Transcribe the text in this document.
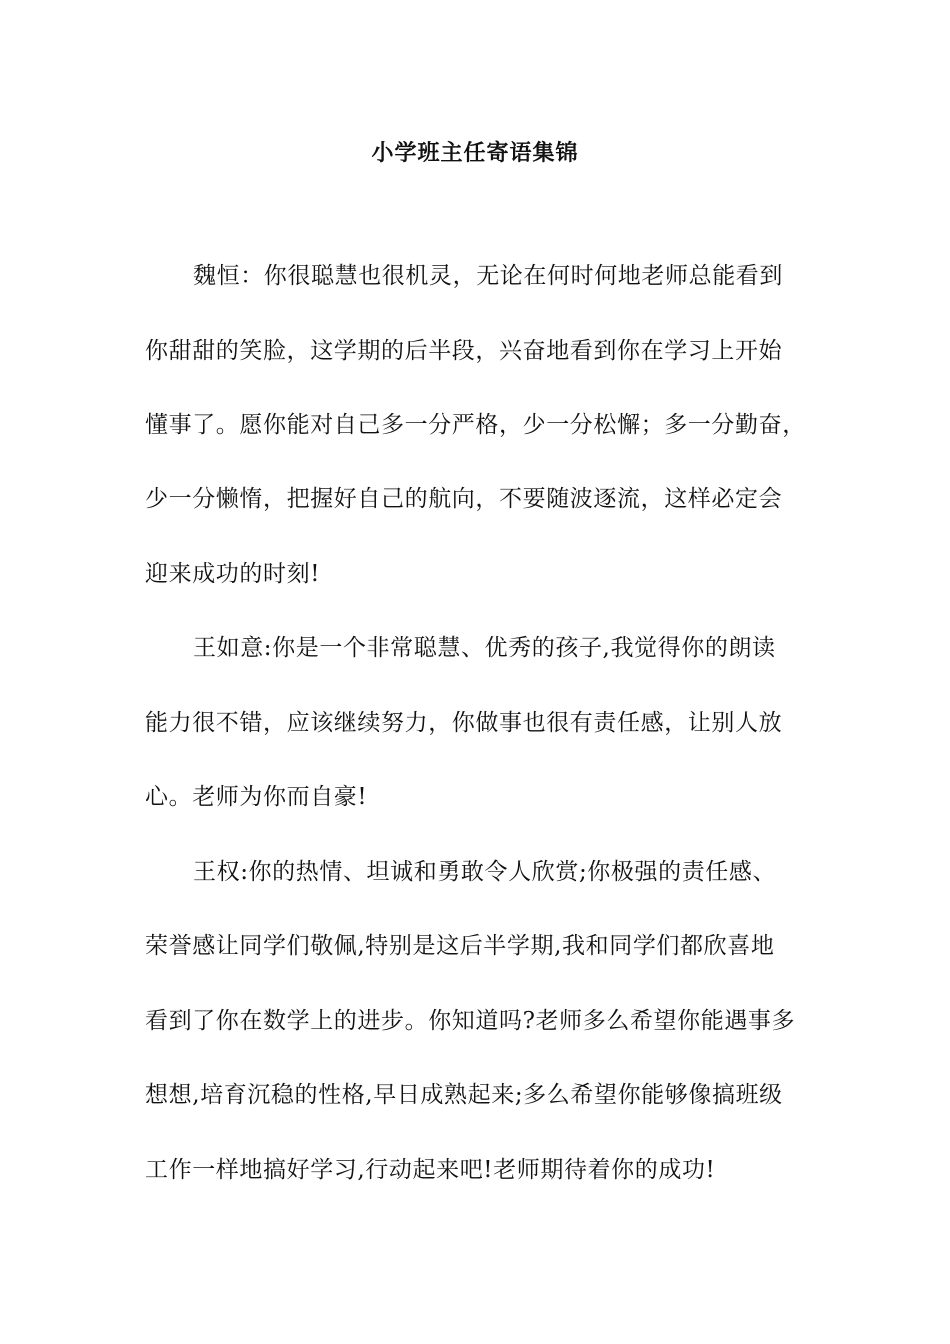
小学班主任寄语集锦
魏恒：你很聪慧也很机灵，无论在何时何地老师总能看到
你甜甜的笑脸，这学期的后半段，兴奋地看到你在学习上开始
懂事了。愿你能对自己多一分严格，少一分松懈；多一分勤奋，
少一分懒惰，把握好自己的航向，不要随波逐流，这样必定会
迎来成功的时刻!
王如意:你是一个非常聪慧、优秀的孩子,我觉得你的朗读
能力很不错，应该继续努力，你做事也很有责任感，让别人放
心。老师为你而自豪!
王权:你的热情、坦诚和勇敢令人欣赏;你极强的责任感、
荣誉感让同学们敬佩,特别是这后半学期,我和同学们都欣喜地
看到了你在数学上的进步。你知道吗?老师多么希望你能遇事多
想想,培育沉稳的性格,早日成熟起来;多么希望你能够像搞班级
工作一样地搞好学习,行动起来吧!老师期待着你的成功!
